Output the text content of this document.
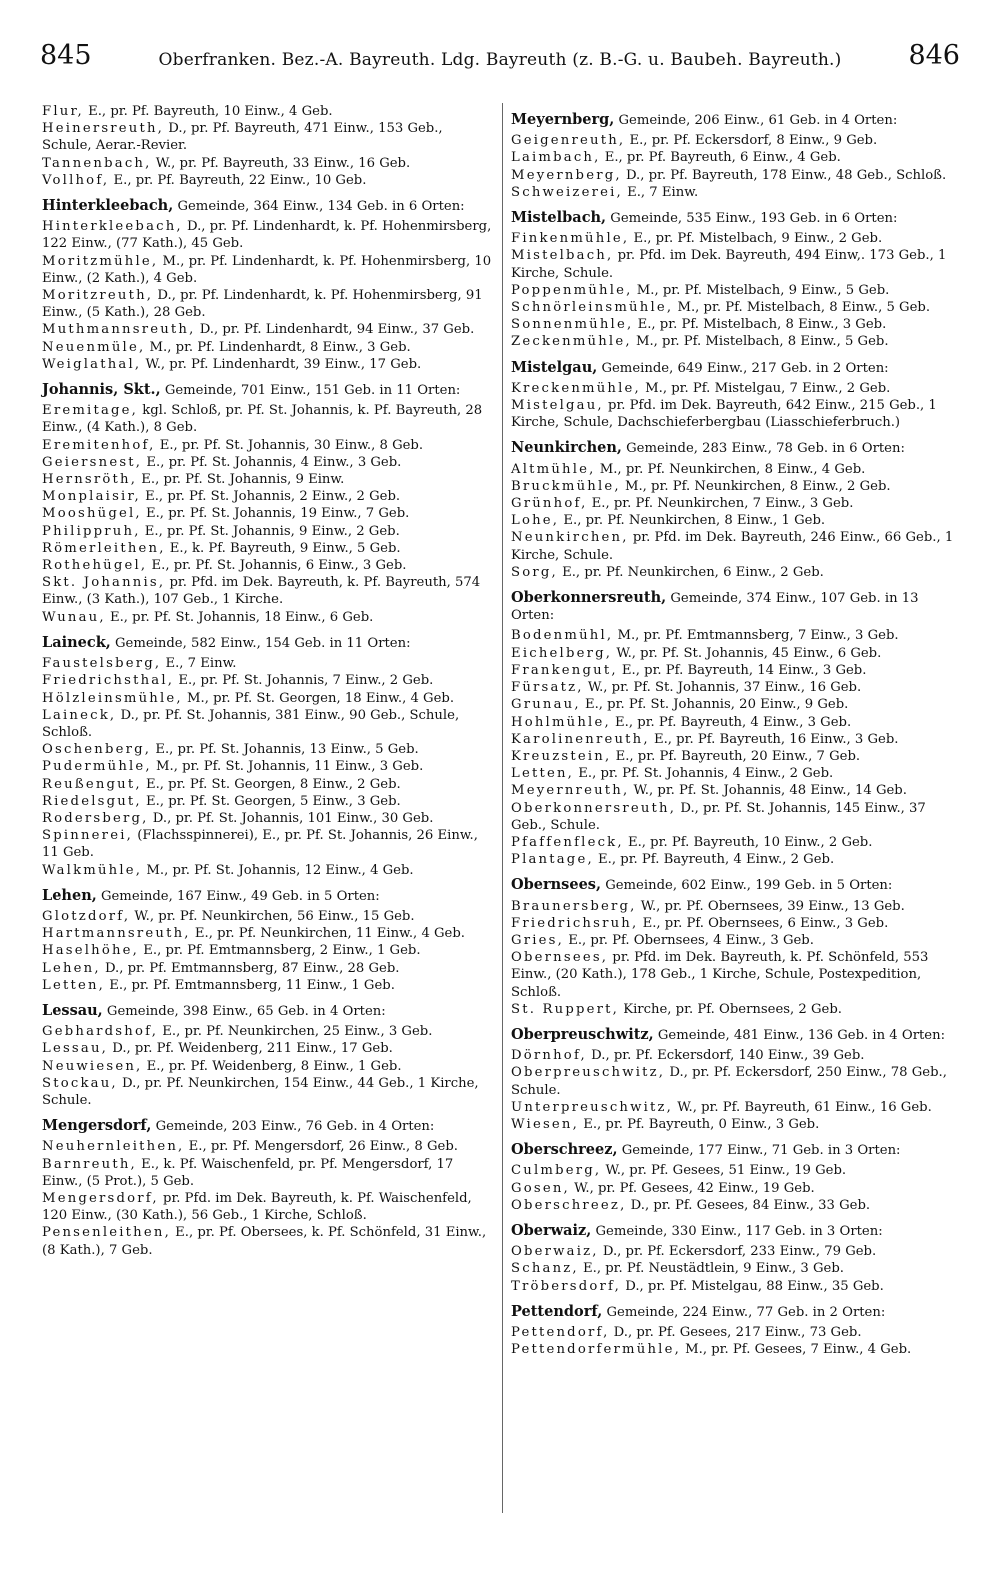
845	Oberfranken. Bez.-A. Bayreuth. Ldg. Bayreuth (z. B.-G. u. Baubeh. Bayreuth.)	846

Flur, E., pr. Pf. Bayreuth, 10 Einw., 4 Geb.

Heinersreuth, D., pr. Pf. Bayreuth, 471 Einw., 153 Geb., Schule, Aerar.-Revier.

Tannenbach, W., pr. Pf. Bayreuth, 33 Einw., 16 Geb.

Vollhof, E., pr. Pf. Bayreuth, 22 Einw., 10 Geb.

Hinterkleebach, Gemeinde, 364 Einw., 134 Geb. in 6 Orten:

Hinterkleebach, D., pr. Pf. Lindenhardt, k. Pf. Hohenmirsberg, 122 Einw., (77 Kath.), 45 Geb.

Moritzmühle, M., pr. Pf. Lindenhardt, k. Pf. Hohenmirsberg, 10 Einw., (2 Kath.), 4 Geb.

Moritzreuth, D., pr. Pf. Lindenhardt, k. Pf. Hohenmirsberg, 91 Einw., (5 Kath.), 28 Geb.

Muthmannsreuth, D., pr. Pf. Lindenhardt, 94 Einw., 37 Geb.

Neuenmüle, M., pr. Pf. Lindenhardt, 8 Einw., 3 Geb.

Weiglathal, W., pr. Pf. Lindenhardt, 39 Einw., 17 Geb.

Johannis, Skt., Gemeinde, 701 Einw., 151 Geb. in 11 Orten:

Eremitage, kgl. Schloß, pr. Pf. St. Johannis, k. Pf. Bayreuth, 28 Einw., (4 Kath.), 8 Geb.

Eremitenhof, E., pr. Pf. St. Johannis, 30 Einw., 8 Geb.

Geiersnest, E., pr. Pf. St. Johannis, 4 Einw., 3 Geb.

Hernsröth, E., pr. Pf. St. Johannis, 9 Einw.

Monplaisir, E., pr. Pf. St. Johannis, 2 Einw., 2 Geb.

Mooshügel, E., pr. Pf. St. Johannis, 19 Einw., 7 Geb.

Philippruh, E., pr. Pf. St. Johannis, 9 Einw., 2 Geb.

Römerleithen, E., k. Pf. Bayreuth, 9 Einw., 5 Geb.

Rothehügel, E., pr. Pf. St. Johannis, 6 Einw., 3 Geb.

Skt. Johannis, pr. Pfd. im Dek. Bayreuth, k. Pf. Bayreuth, 574 Einw., (3 Kath.), 107 Geb., 1 Kirche.

Wunau, E., pr. Pf. St. Johannis, 18 Einw., 6 Geb.

Laineck, Gemeinde, 582 Einw., 154 Geb. in 11 Orten:

Faustelsberg, E., 7 Einw.

Friedrichsthal, E., pr. Pf. St. Johannis, 7 Einw., 2 Geb.

Hölzleinsmühle, M., pr. Pf. St. Georgen, 18 Einw., 4 Geb.

Laineck, D., pr. Pf. St. Johannis, 381 Einw., 90 Geb., Schule, Schloß.

Oschenberg, E., pr. Pf. St. Johannis, 13 Einw., 5 Geb.

Pudermühle, M., pr. Pf. St. Johannis, 11 Einw., 3 Geb.

Reußengut, E., pr. Pf. St. Georgen, 8 Einw., 2 Geb.

Riedelsgut, E., pr. Pf. St. Georgen, 5 Einw., 3 Geb.

Rodersberg, D., pr. Pf. St. Johannis, 101 Einw., 30 Geb.

Spinnerei, (Flachsspinnerei), E., pr. Pf. St. Johannis, 26 Einw., 11 Geb.

Walkmühle, M., pr. Pf. St. Johannis, 12 Einw., 4 Geb.

Lehen, Gemeinde, 167 Einw., 49 Geb. in 5 Orten:

Glotzdorf, W., pr. Pf. Neunkirchen, 56 Einw., 15 Geb.

Hartmannsreuth, E., pr. Pf. Neunkirchen, 11 Einw., 4 Geb.

Haselhöhe, E., pr. Pf. Emtmannsberg, 2 Einw., 1 Geb.

Lehen, D., pr. Pf. Emtmannsberg, 87 Einw., 28 Geb.

Letten, E., pr. Pf. Emtmannsberg, 11 Einw., 1 Geb.

Lessau, Gemeinde, 398 Einw., 65 Geb. in 4 Orten:

Gebhardshof, E., pr. Pf. Neunkirchen, 25 Einw., 3 Geb.

Lessau, D., pr. Pf. Weidenberg, 211 Einw., 17 Geb.

Neuwiesen, E., pr. Pf. Weidenberg, 8 Einw., 1 Geb.

Stockau, D., pr. Pf. Neunkirchen, 154 Einw., 44 Geb., 1 Kirche, Schule.

Mengersdorf, Gemeinde, 203 Einw., 76 Geb. in 4 Orten:

Neuhernleithen, E., pr. Pf. Mengersdorf, 26 Einw., 8 Geb.

Barnreuth, E., k. Pf. Waischenfeld, pr. Pf. Mengersdorf, 17 Einw., (5 Prot.), 5 Geb.

Mengersdorf, pr. Pfd. im Dek. Bayreuth, k. Pf. Waischenfeld, 120 Einw., (30 Kath.), 56 Geb., 1 Kirche, Schloß.

Pensenleithen, E., pr. Pf. Obersees, k. Pf. Schönfeld, 31 Einw., (8 Kath.), 7 Geb.

Meyernberg, Gemeinde, 206 Einw., 61 Geb. in 4 Orten:

Geigenreuth, E., pr. Pf. Eckersdorf, 8 Einw., 9 Geb.

Laimbach, E., pr. Pf. Bayreuth, 6 Einw., 4 Geb.

Meyernberg, D., pr. Pf. Bayreuth, 178 Einw., 48 Geb., Schloß.

Schweizerei, E., 7 Einw.

Mistelbach, Gemeinde, 535 Einw., 193 Geb. in 6 Orten:

Finkenmühle, E., pr. Pf. Mistelbach, 9 Einw., 2 Geb.

Mistelbach, pr. Pfd. im Dek. Bayreuth, 494 Einw,. 173 Geb., 1 Kirche, Schule.

Poppenmühle, M., pr. Pf. Mistelbach, 9 Einw., 5 Geb.

Schnörleinsmühle, M., pr. Pf. Mistelbach, 8 Einw., 5 Geb.

Sonnenmühle, E., pr. Pf. Mistelbach, 8 Einw., 3 Geb.

Zeckenmühle, M., pr. Pf. Mistelbach, 8 Einw., 5 Geb.

Mistelgau, Gemeinde, 649 Einw., 217 Geb. in 2 Orten:

Kreckenmühle, M., pr. Pf. Mistelgau, 7 Einw., 2 Geb.

Mistelgau, pr. Pfd. im Dek. Bayreuth, 642 Einw., 215 Geb., 1 Kirche, Schule, Dachschieferbergbau (Liasschieferbruch.)

Neunkirchen, Gemeinde, 283 Einw., 78 Geb. in 6 Orten:

Altmühle, M., pr. Pf. Neunkirchen, 8 Einw., 4 Geb.

Bruckmühle, M., pr. Pf. Neunkirchen, 8 Einw., 2 Geb.

Grünhof, E., pr. Pf. Neunkirchen, 7 Einw., 3 Geb.

Lohe, E., pr. Pf. Neunkirchen, 8 Einw., 1 Geb.

Neunkirchen, pr. Pfd. im Dek. Bayreuth, 246 Einw., 66 Geb., 1 Kirche, Schule.

Sorg, E., pr. Pf. Neunkirchen, 6 Einw., 2 Geb.

Oberkonnersreuth, Gemeinde, 374 Einw., 107 Geb. in 13 Orten:

Bodenmühl, M., pr. Pf. Emtmannsberg, 7 Einw., 3 Geb.

Eichelberg, W., pr. Pf. St. Johannis, 45 Einw., 6 Geb.

Frankengut, E., pr. Pf. Bayreuth, 14 Einw., 3 Geb.

Fürsatz, W., pr. Pf. St. Johannis, 37 Einw., 16 Geb.

Grunau, E., pr. Pf. St. Johannis, 20 Einw., 9 Geb.

Hohlmühle, E., pr. Pf. Bayreuth, 4 Einw., 3 Geb.

Karolinenreuth, E., pr. Pf. Bayreuth, 16 Einw., 3 Geb.

Kreuzstein, E., pr. Pf. Bayreuth, 20 Einw., 7 Geb.

Letten, E., pr. Pf. St. Johannis, 4 Einw., 2 Geb.

Meyernreuth, W., pr. Pf. St. Johannis, 48 Einw., 14 Geb.

Oberkonnersreuth, D., pr. Pf. St. Johannis, 145 Einw., 37 Geb., Schule.

Pfaffenfleck, E., pr. Pf. Bayreuth, 10 Einw., 2 Geb.

Plantage, E., pr. Pf. Bayreuth, 4 Einw., 2 Geb.

Obernsees, Gemeinde, 602 Einw., 199 Geb. in 5 Orten:

Braunersberg, W., pr. Pf. Obernsees, 39 Einw., 13 Geb.

Friedrichsruh, E., pr. Pf. Obernsees, 6 Einw., 3 Geb.

Gries, E., pr. Pf. Obernsees, 4 Einw., 3 Geb.

Obernsees, pr. Pfd. im Dek. Bayreuth, k. Pf. Schönfeld, 553 Einw., (20 Kath.), 178 Geb., 1 Kirche, Schule, Postexpedition, Schloß.

St. Ruppert, Kirche, pr. Pf. Obernsees, 2 Geb.

Oberpreuschwitz, Gemeinde, 481 Einw., 136 Geb. in 4 Orten:

Dörnhof, D., pr. Pf. Eckersdorf, 140 Einw., 39 Geb.

Oberpreuschwitz, D., pr. Pf. Eckersdorf, 250 Einw., 78 Geb., Schule.

Unterpreuschwitz, W., pr. Pf. Bayreuth, 61 Einw., 16 Geb.

Wiesen, E., pr. Pf. Bayreuth, 0 Einw., 3 Geb.

Oberschreez, Gemeinde, 177 Einw., 71 Geb. in 3 Orten:

Culmberg, W., pr. Pf. Gesees, 51 Einw., 19 Geb.

Gosen, W., pr. Pf. Gesees, 42 Einw., 19 Geb.

Oberschreez, D., pr. Pf. Gesees, 84 Einw., 33 Geb.

Oberwaiz, Gemeinde, 330 Einw., 117 Geb. in 3 Orten:

Oberwaiz, D., pr. Pf. Eckersdorf, 233 Einw., 79 Geb.

Schanz, E., pr. Pf. Neustädtlein, 9 Einw., 3 Geb.

Tröbersdorf, D., pr. Pf. Mistelgau, 88 Einw., 35 Geb.

Pettendorf, Gemeinde, 224 Einw., 77 Geb. in 2 Orten:

Pettendorf, D., pr. Pf. Gesees, 217 Einw., 73 Geb.

Pettendorfermühle, M., pr. Pf. Gesees, 7 Einw., 4 Geb.
